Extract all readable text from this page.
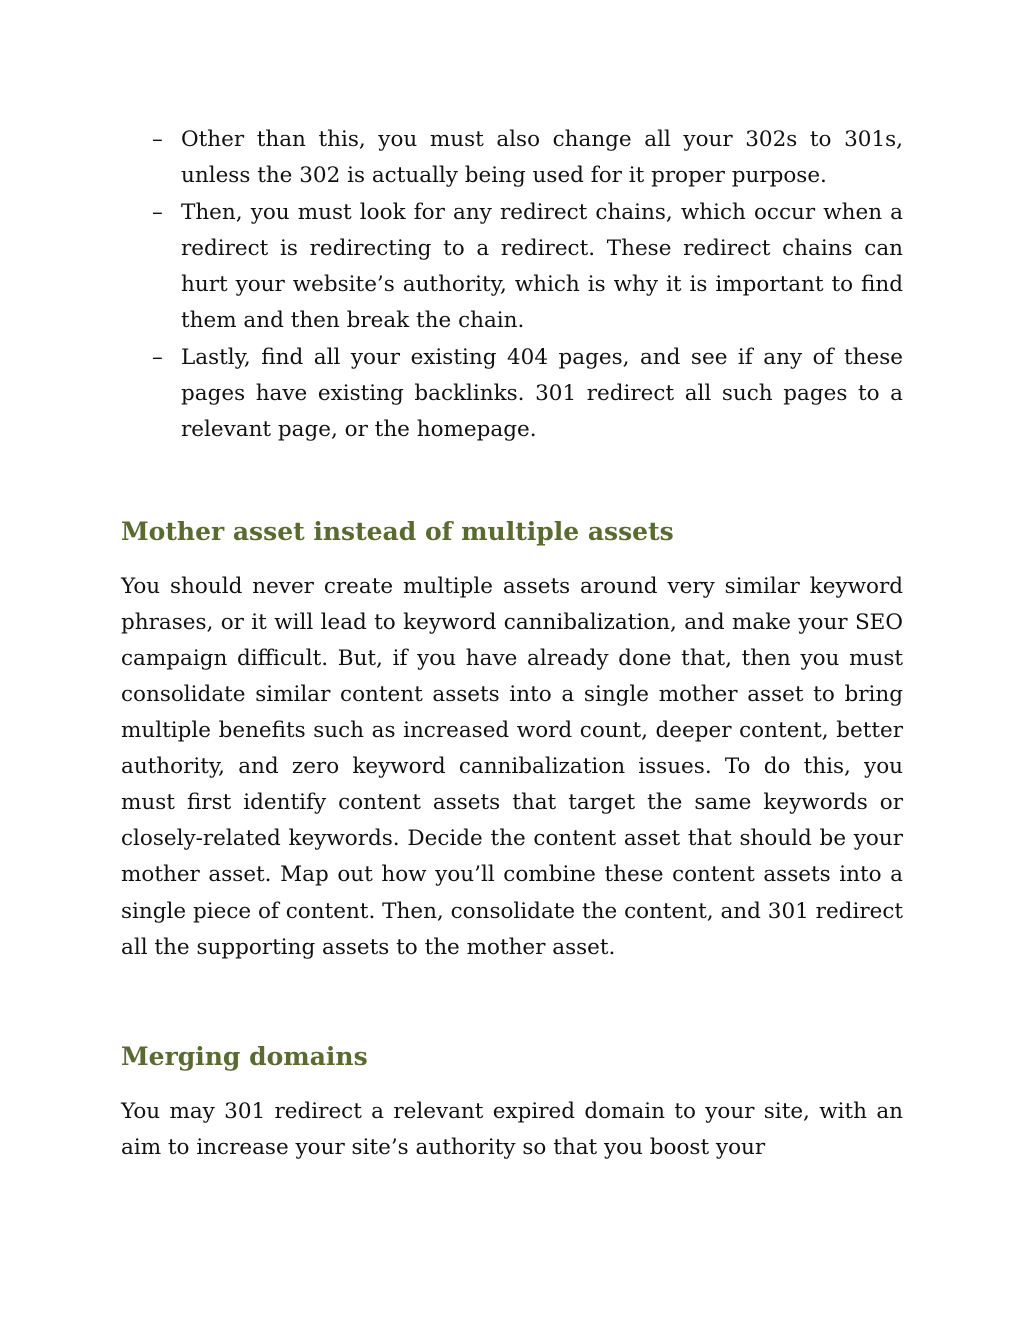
– Other than this, you must also change all your 302s to 301s, unless the 302 is actually being used for it proper purpose.
– Then, you must look for any redirect chains, which occur when a redirect is redirecting to a redirect. These redirect chains can hurt your website’s authority, which is why it is important to find them and then break the chain.
– Lastly, find all your existing 404 pages, and see if any of these pages have existing backlinks. 301 redirect all such pages to a relevant page, or the homepage.
Mother asset instead of multiple assets

You should never create multiple assets around very similar keyword phrases, or it will lead to keyword cannibalization, and make your SEO campaign difficult. But, if you have already done that, then you must consolidate similar content assets into a single mother asset to bring multiple benefits such as increased word count, deeper content, better authority, and zero keyword cannibalization issues. To do this, you must first identify content assets that target the same keywords or closely-related keywords. Decide the content asset that should be your mother asset. Map out how you’ll combine these content assets into a single piece of content. Then, consolidate the content, and 301 redirect all the supporting assets to the mother asset.

Merging domains

You may 301 redirect a relevant expired domain to your site, with an aim to increase your site’s authority so that you boost your
